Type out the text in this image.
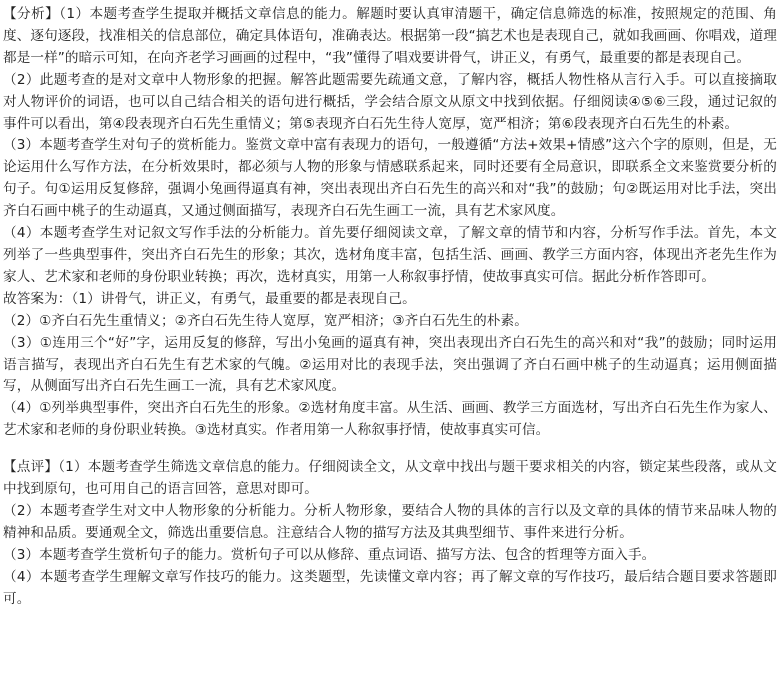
【分析】（1）本题考查学生提取并概括文章信息的能力。解题时要认真审清题干，确定信息筛选的标准，按照规定的范围、角度、逐句逐段，找准相关的信息部位，确定具体语句，准确表达。根据第一段“搞艺术也是表现自己，就如我画画、你唱戏，道理都是一样”的暗示可知，在向齐老学习画画的过程中，“我”懂得了唱戏要讲骨气，讲正义，有勇气，最重要的都是表现自己。

（2）此题考查的是对文章中人物形象的把握。解答此题需要先疏通文意，了解内容，概括人物性格从言行入手。可以直接摘取对人物评价的词语，也可以自己结合相关的语句进行概括，学会结合原文从原文中找到依据。仔细阅读④⑤⑥三段，通过记叙的事件可以看出，第④段表现齐白石先生重情义；第⑤表现齐白石先生待人宽厚，宽严相济；第⑥段表现齐白石先生的朴素。

（3）本题考查学生对句子的赏析能力。鉴赏文章中富有表现力的语句，一般遵循“方法+效果+情感”这六个字的原则，但是，无论运用什么写作方法，在分析效果时，都必须与人物的形象与情感联系起来，同时还要有全局意识，即联系全文来鉴赏要分析的句子。句①运用反复修辞，强调小兔画得逼真有神，突出表现出齐白石先生的高兴和对“我”的鼓励；句②既运用对比手法，突出齐白石画中桃子的生动逼真，又通过侧面描写，表现齐白石先生画工一流，具有艺术家风度。

（4）本题考查学生对记叙文写作手法的分析能力。首先要仔细阅读文章，了解文章的情节和内容，分析写作手法。首先，本文列举了一些典型事件，突出齐白石先生的形象；其次，选材角度丰富，包括生活、画画、教学三方面内容，体现出齐老先生作为家人、艺术家和老师的身份职业转换；再次，选材真实，用第一人称叙事抒情，使故事真实可信。据此分析作答即可。

故答案为：（1）讲骨气，讲正义，有勇气，最重要的都是表现自己。

（2）①齐白石先生重情义；②齐白石先生待人宽厚，宽严相济；③齐白石先生的朴素。

（3）①连用三个“好”字，运用反复的修辞，写出小兔画的逼真有神，突出表现出齐白石先生的高兴和对“我”的鼓励；同时运用语言描写，表现出齐白石先生有艺术家的气魄。②运用对比的表现手法，突出强调了齐白石画中桃子的生动逼真；运用侧面描写，从侧面写出齐白石先生画工一流，具有艺术家风度。

（4）①列举典型事件，突出齐白石先生的形象。②选材角度丰富。从生活、画画、教学三方面选材，写出齐白石先生作为家人、艺术家和老师的身份职业转换。③选材真实。作者用第一人称叙事抒情，使故事真实可信。

【点评】（1）本题考查学生筛选文章信息的能力。仔细阅读全文，从文章中找出与题干要求相关的内容，锁定某些段落，或从文中找到原句，也可用自己的语言回答，意思对即可。

（2）本题考查学生对文中人物形象的分析能力。分析人物形象，要结合人物的具体的言行以及文章的具体的情节来品味人物的精神和品质。要通观全文，筛选出重要信息。注意结合人物的描写方法及其典型细节、事件来进行分析。

（3）本题考查学生赏析句子的能力。赏析句子可以从修辞、重点词语、描写方法、包含的哲理等方面入手。

（4）本题考查学生理解文章写作技巧的能力。这类题型，先读懂文章内容；再了解文章的写作技巧，最后结合题目要求答题即可。
